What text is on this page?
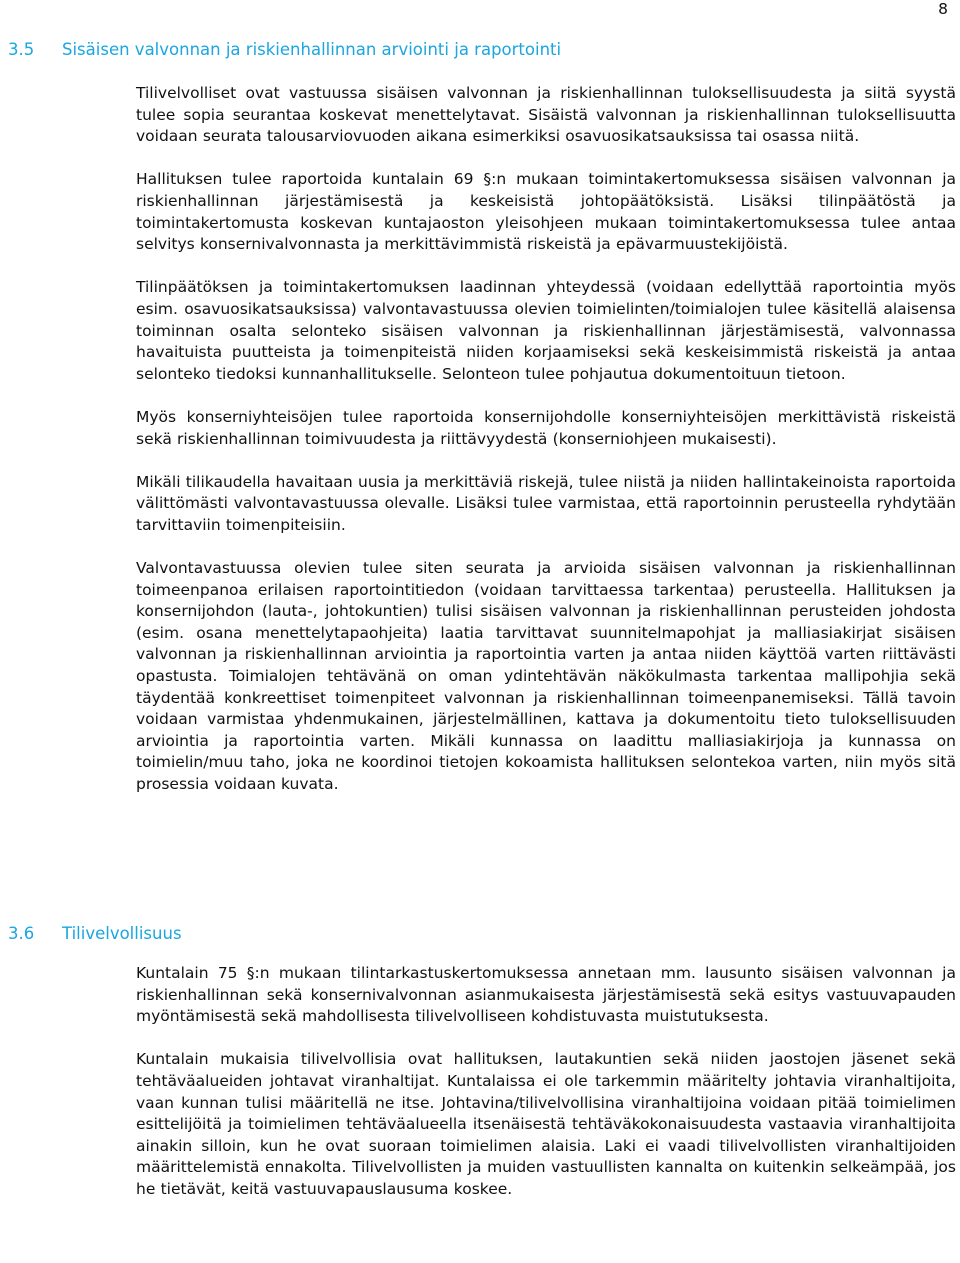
8
3.5 Sisäisen valvonnan ja riskienhallinnan arviointi ja raportointi

Tilivelvolliset ovat vastuussa sisäisen valvonnan ja riskienhallinnan tuloksellisuudesta ja siitä syystä tulee sopia seurantaa koskevat menettelytavat. Sisäistä valvonnan ja riskienhallinnan tuloksellisuutta voidaan seurata talousarviovuoden aikana esimerkiksi osavuosikatsauksissa tai osassa niitä.

Hallituksen tulee raportoida kuntalain 69 §:n mukaan toimintakertomuksessa sisäisen valvonnan ja riskienhallinnan järjestämisestä ja keskeisistä johtopäätöksistä. Lisäksi tilinpäätöstä ja toimintakertomusta koskevan kuntajaoston yleisohjeen mukaan toimintakertomuksessa tulee antaa selvitys konsernivalvonnasta ja merkittävimmistä riskeistä ja epävarmuustekijöistä.

Tilinpäätöksen ja toimintakertomuksen laadinnan yhteydessä (voidaan edellyttää raportointia myös esim. osavuosikatsauksissa) valvontavastuussa olevien toimielinten/toimialojen tulee käsitellä alaisensa toiminnan osalta selonteko sisäisen valvonnan ja riskienhallinnan järjestämisestä, valvonnassa havaituista puutteista ja toimenpiteistä niiden korjaamiseksi sekä keskeisimmistä riskeistä ja antaa selonteko tiedoksi kunnanhallitukselle. Selonteon tulee pohjautua dokumentoituun tietoon.

Myös konserniyhteisöjen tulee raportoida konsernijohdolle konserniyhteisöjen merkittävistä riskeistä sekä riskienhallinnan toimivuudesta ja riittävyydestä (konserniohjeen mukaisesti).

Mikäli tilikaudella havaitaan uusia ja merkittäviä riskejä, tulee niistä ja niiden hallintakeinoista raportoida välittömästi valvontavastuussa olevalle. Lisäksi tulee varmistaa, että raportoinnin perusteella ryhdytään tarvittaviin toimenpiteisiin.

Valvontavastuussa olevien tulee siten seurata ja arvioida sisäisen valvonnan ja riskienhallinnan toimeenpanoa erilaisen raportointitiedon (voidaan tarvittaessa tarkentaa) perusteella. Hallituksen ja konsernijohdon (lauta-, johtokuntien) tulisi sisäisen valvonnan ja riskienhallinnan perusteiden johdosta (esim. osana menettelytapaohjeita) laatia tarvittavat suunnitelmapohjat ja malliasiakirjat sisäisen valvonnan ja riskienhallinnan arviointia ja raportointia varten ja antaa niiden käyttöä varten riittävästi opastusta. Toimialojen tehtävänä on oman ydintehtävän näkökulmasta tarkentaa mallipohjia sekä täydentää konkreettiset toimenpiteet valvonnan ja riskienhallinnan toimeenpanemiseksi. Tällä tavoin voidaan varmistaa yhdenmukainen, järjestelmällinen, kattava ja dokumentoitu tieto tuloksellisuuden arviointia ja raportointia varten. Mikäli kunnassa on laadittu malliasiakirjoja ja kunnassa on toimielin/muu taho, joka ne koordinoi tietojen kokoamista hallituksen selontekoa varten, niin myös sitä prosessia voidaan kuvata.

3.6 Tilivelvollisuus

Kuntalain 75 §:n mukaan tilintarkastuskertomuksessa annetaan mm. lausunto sisäisen valvonnan ja riskienhallinnan sekä konsernivalvonnan asianmukaisesta järjestämisestä sekä esitys vastuuvapauden myöntämisestä sekä mahdollisesta tilivelvolliseen kohdistuvasta muistutuksesta.

Kuntalain mukaisia tilivelvollisia ovat hallituksen, lautakuntien sekä niiden jaostojen jäsenet sekä tehtäväalueiden johtavat viranhaltijat. Kuntalaissa ei ole tarkemmin määritelty johtavia viranhaltijoita, vaan kunnan tulisi määritellä ne itse. Johtavina/tilivelvollisina viranhaltijoina voidaan pitää toimielimen esittelijöitä ja toimielimen tehtäväalueella itsenäisestä tehtäväkokonaisuudesta vastaavia viranhaltijoita ainakin silloin, kun he ovat suoraan toimielimen alaisia. Laki ei vaadi tilivelvollisten viranhaltijoiden määrittelemistä ennakolta. Tilivelvollisten ja muiden vastuullisten kannalta on kuitenkin selkeämpää, jos he tietävät, keitä vastuuvapauslausuma koskee.
